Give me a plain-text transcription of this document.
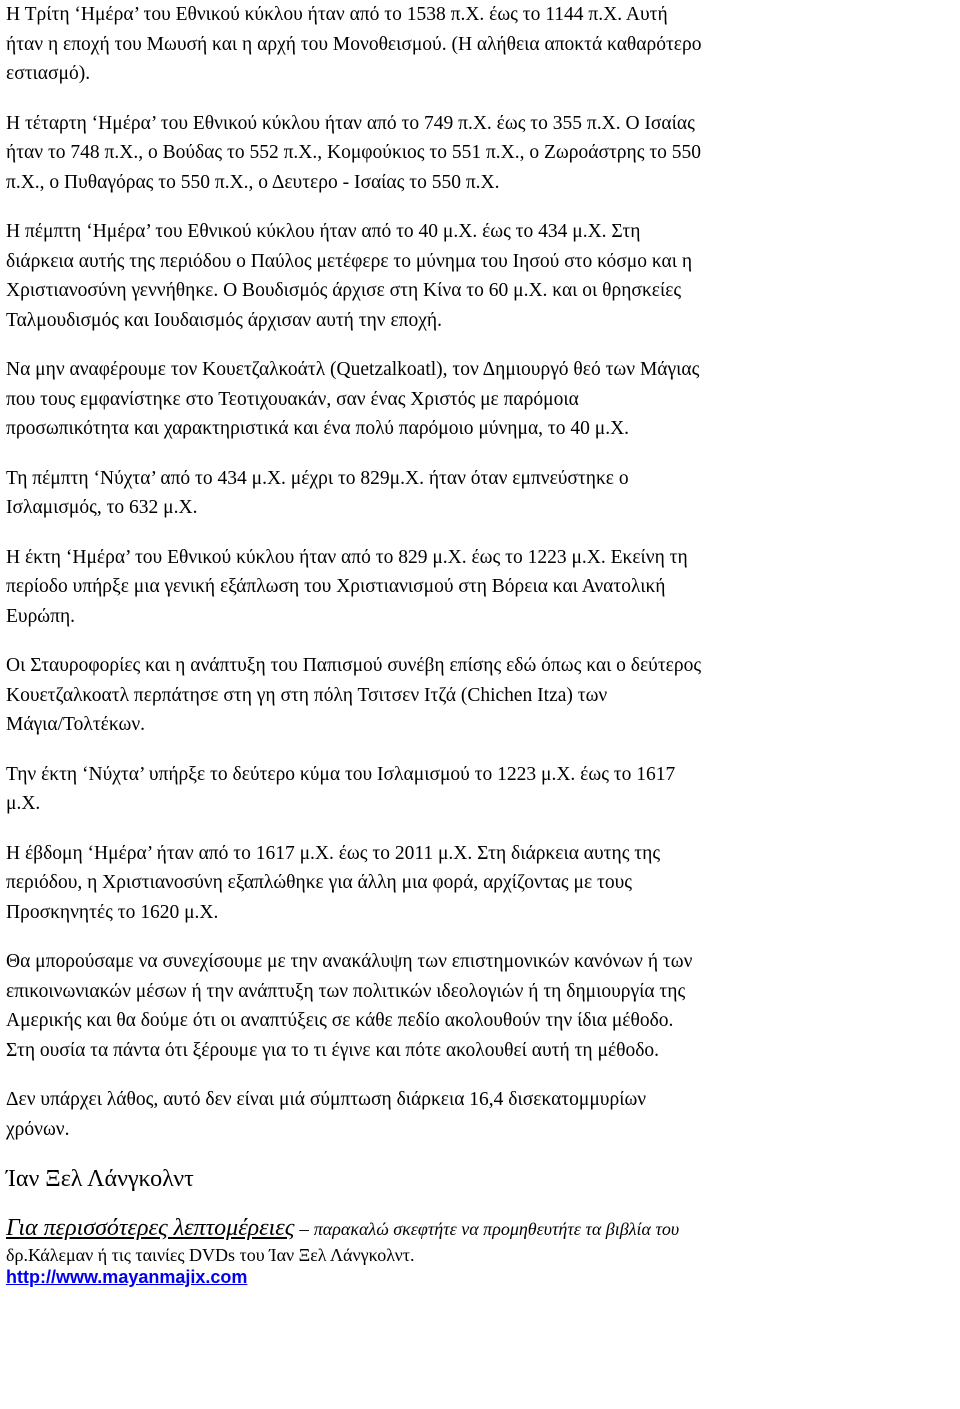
Η Τρίτη ‘Ημέρα’ του Εθνικού κύκλου ήταν από το 1538 π.Χ. έως το 1144 π.Χ. Αυτή
ήταν η εποχή του Μωυσή και η αρχή του Μονοθεισμού. (Η αλήθεια αποκτά καθαρότερο
εστιασμό).

Η τέταρτη ‘Ημέρα’ του Εθνικού κύκλου ήταν από το 749 π.Χ. έως το 355 π.Χ. Ο Ισαίας
ήταν το 748 π.Χ., ο Βούδας το 552 π.Χ., Κομφούκιος το 551 π.Χ., ο Ζωροάστρης το 550
π.Χ., ο Πυθαγόρας το 550 π.Χ., ο Δευτερο - Ισαίας το 550 π.Χ.

Η πέμπτη ‘Ημέρα’ του Εθνικού κύκλου ήταν από το 40 μ.Χ. έως το 434 μ.Χ. Στη
διάρκεια αυτής της περιόδου ο Παύλος μετέφερε το μύνημα του Ιησού στο κόσμο και η
Χριστιανοσύνη γεννήθηκε. Ο Βουδισμός άρχισε στη Κίνα το 60 μ.Χ. και οι θρησκείες
Ταλμουδισμός και Ιουδαισμός άρχισαν αυτή την εποχή.

Να μην αναφέρουμε τον Κουετζαλκοάτλ (Quetzalkoatl), τον Δημιουργό θεό των Μάγιας
που τους εμφανίστηκε στο Τεοτιχουακάν, σαν ένας Χριστός με παρόμοια
προσωπικότητα και χαρακτηριστικά και ένα πολύ παρόμοιο μύνημα, το 40 μ.Χ.

Τη πέμπτη ‘Νύχτα’ από το 434 μ.Χ. μέχρι το 829μ.Χ. ήταν όταν εμπνεύστηκε ο
Ισλαμισμός, το 632 μ.Χ.

Η έκτη ‘Ημέρα’ του Εθνικού κύκλου ήταν από το 829 μ.Χ. έως το 1223 μ.Χ. Εκείνη τη
περίοδο υπήρξε μια γενική εξάπλωση του Χριστιανισμού στη Βόρεια και Ανατολική
Ευρώπη.

Οι Σταυροφορίες και η ανάπτυξη του Παπισμού συνέβη επίσης εδώ όπως και ο δεύτερος
Κουετζαλκοατλ περπάτησε στη γη στη πόλη Τσιτσεν Ιτζά (Chichen Itza) των
Μάγια/Τολτέκων.

Την έκτη ‘Νύχτα’ υπήρξε το δεύτερο κύμα του Ισλαμισμού το 1223 μ.Χ. έως το 1617
μ.Χ.

Η έβδομη ‘Ημέρα’ ήταν από το 1617 μ.Χ. έως το 2011 μ.Χ. Στη διάρκεια αυτης της
περιόδου, η Χριστιανοσύνη εξαπλώθηκε για άλλη μια φορά, αρχίζοντας με τους
Προσκηνητές το 1620 μ.Χ.

Θα μπορούσαμε να συνεχίσουμε με την ανακάλυψη των επιστημονικών κανόνων ή των
επικοινωνιακών μέσων ή την ανάπτυξη των πολιτικών ιδεολογιών ή τη δημιουργία της
Αμερικής και θα δούμε ότι οι αναπτύξεις σε κάθε πεδίο ακολουθούν την ίδια μέθοδο.
Στη ουσία τα πάντα ότι ξέρουμε για το τι έγινε και πότε ακολουθεί αυτή τη μέθοδο.

Δεν υπάρχει λάθος, αυτό δεν είναι μιά σύμπτωση διάρκεια 16,4 δισεκατομμυρίων
χρόνων.

Ίαν Ξελ Λάνγκολντ

Για περισσότερες λεπτομέρειες – παρακαλώ σκεφτήτε να προμηθευτήτε τα βιβλία του

δρ.Κάλεμαν ή τις ταινίες DVDs του Ίαν Ξελ Λάνγκολντ.

http://www.mayanmajix.com
